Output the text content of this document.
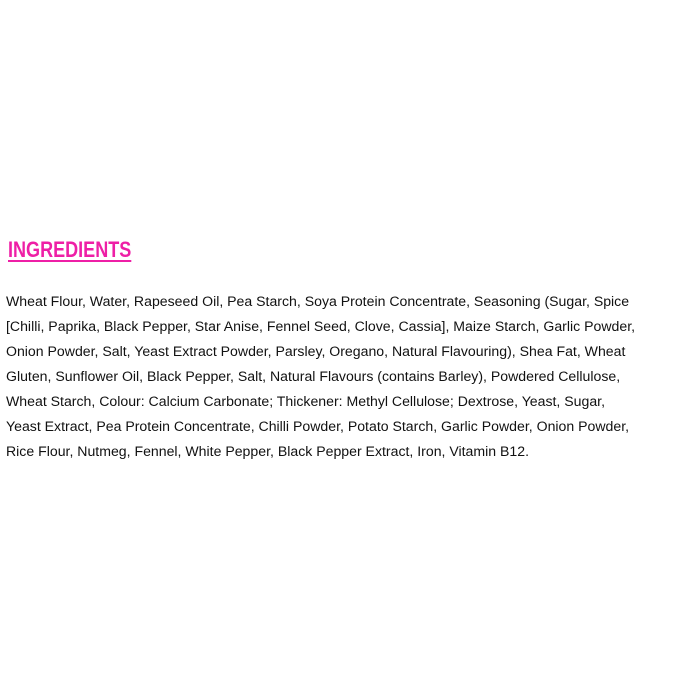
INGREDIENTS

Wheat Flour, Water, Rapeseed Oil, Pea Starch, Soya Protein Concentrate, Seasoning (Sugar, Spice
[Chilli, Paprika, Black Pepper, Star Anise, Fennel Seed, Clove, Cassia], Maize Starch, Garlic Powder,
Onion Powder, Salt, Yeast Extract Powder, Parsley, Oregano, Natural Flavouring), Shea Fat, Wheat
Gluten, Sunflower Oil, Black Pepper, Salt, Natural Flavours (contains Barley), Powdered Cellulose,
Wheat Starch, Colour: Calcium Carbonate; Thickener: Methyl Cellulose; Dextrose, Yeast, Sugar,
Yeast Extract, Pea Protein Concentrate, Chilli Powder, Potato Starch, Garlic Powder, Onion Powder,
Rice Flour, Nutmeg, Fennel, White Pepper, Black Pepper Extract, Iron, Vitamin B12.
